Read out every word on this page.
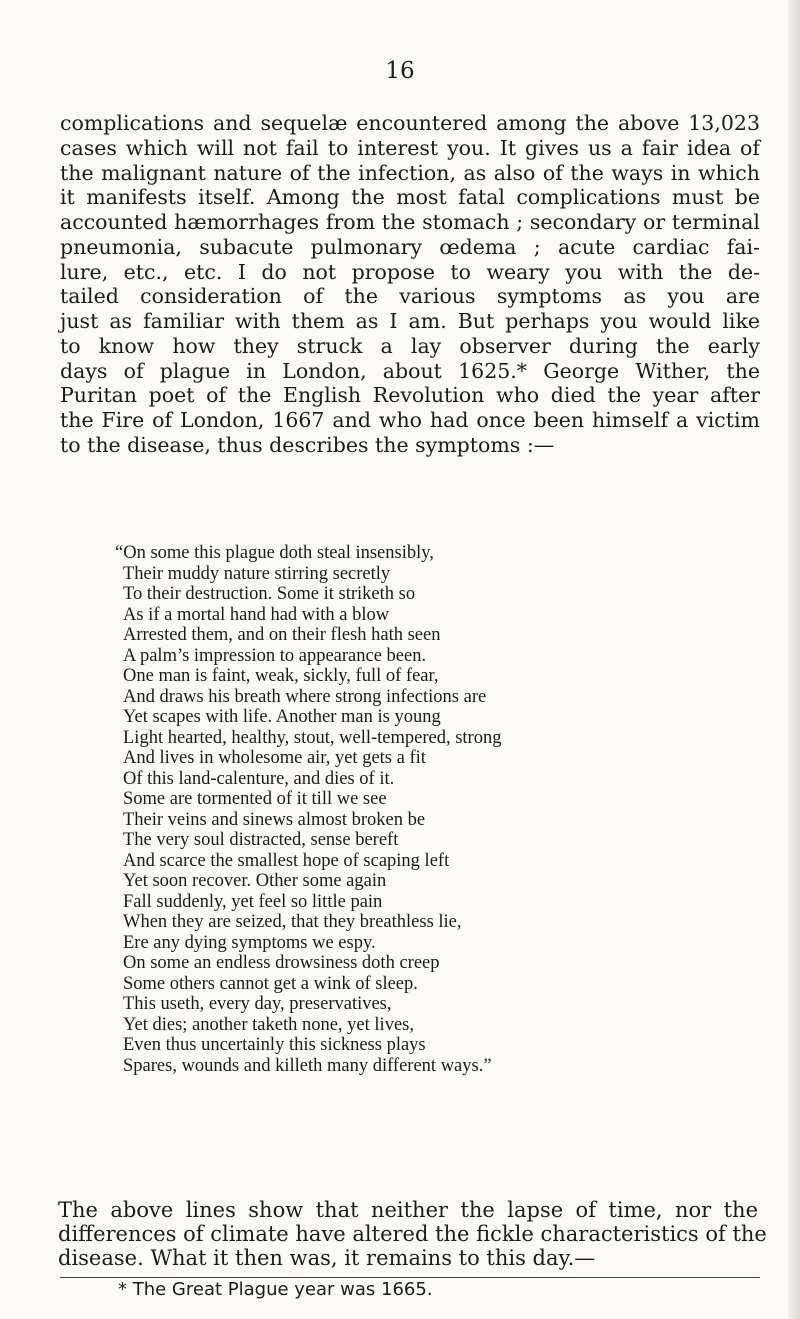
16
complications and sequelæ encountered among the above 13,023
cases which will not fail to interest you. It gives us a fair idea of
the malignant nature of the infection, as also of the ways in which
it manifests itself. Among the most fatal complications must be
accounted hæmorrhages from the stomach ; secondary or terminal
pneumonia, subacute pulmonary œdema ; acute cardiac fai-
lure, etc., etc. I do not propose to weary you with the de-
tailed consideration of the various symptoms as you are
just as familiar with them as I am. But perhaps you would like
to know how they struck a lay observer during the early
days of plague in London, about 1625.* George Wither, the
Puritan poet of the English Revolution who died the year after
the Fire of London, 1667 and who had once been himself a victim
to the disease, thus describes the symptoms :—
“On some this plague doth steal insensibly,
Their muddy nature stirring secretly
To their destruction. Some it striketh so
As if a mortal hand had with a blow
Arrested them, and on their flesh hath seen
A palm’s impression to appearance been.
One man is faint, weak, sickly, full of fear,
And draws his breath where strong infections are
Yet scapes with life. Another man is young
Light hearted, healthy, stout, well-tempered, strong
And lives in wholesome air, yet gets a fit
Of this land-calenture, and dies of it.
Some are tormented of it till we see
Their veins and sinews almost broken be
The very soul distracted, sense bereft
And scarce the smallest hope of scaping left
Yet soon recover. Other some again
Fall suddenly, yet feel so little pain
When they are seized, that they breathless lie,
Ere any dying symptoms we espy.
On some an endless drowsiness doth creep
Some others cannot get a wink of sleep.
This useth, every day, preservatives,
Yet dies; another taketh none, yet lives,
Even thus uncertainly this sickness plays
Spares, wounds and killeth many different ways.”
The above lines show that neither the lapse of time, nor the
differences of climate have altered the fickle characteristics of the
disease. What it then was, it remains to this day.—
* The Great Plague year was 1665.
